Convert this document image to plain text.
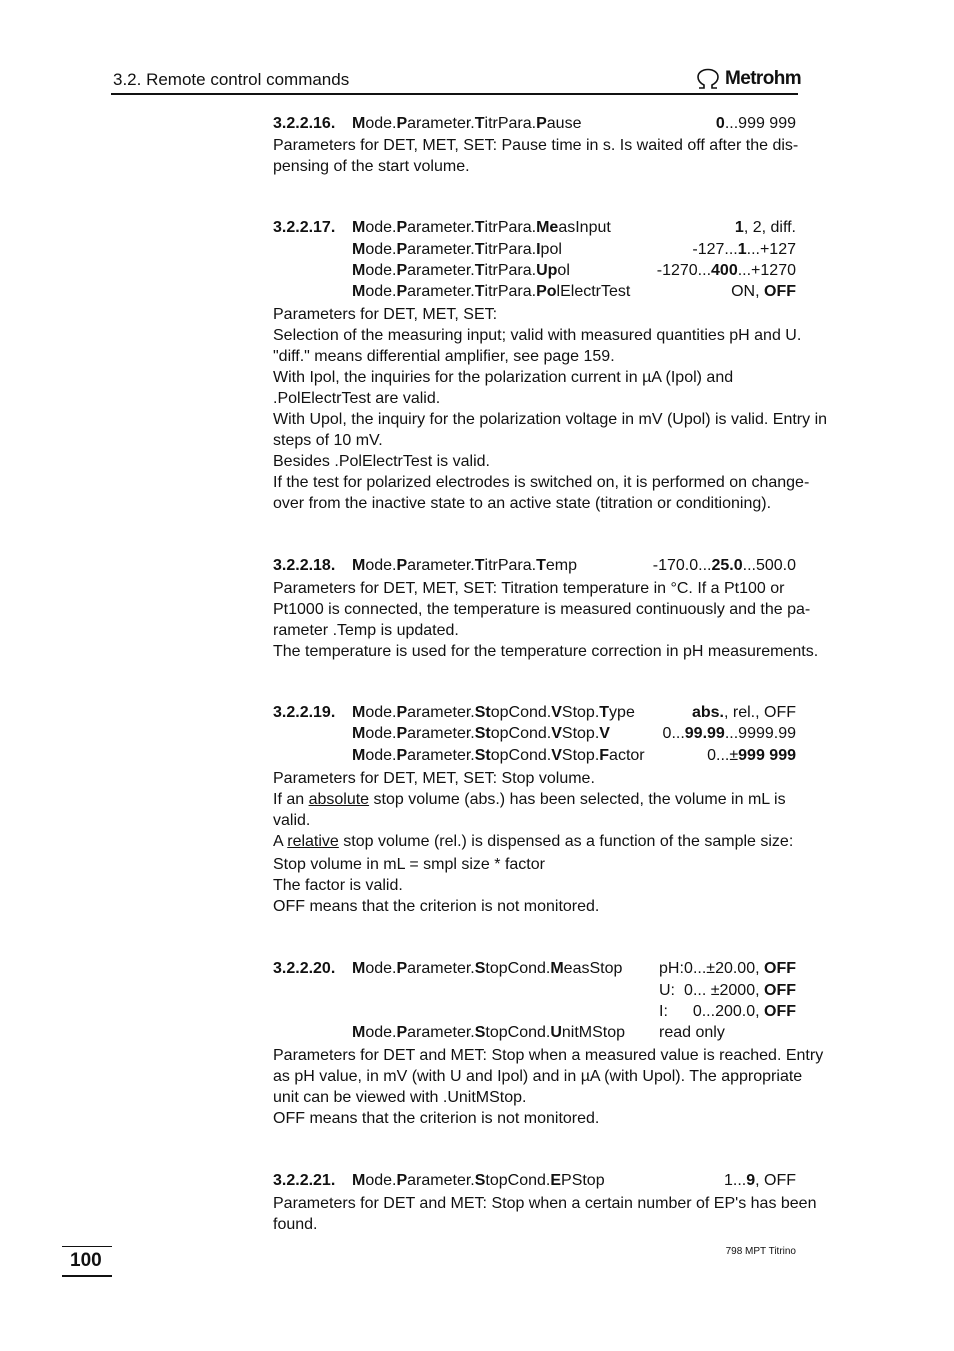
3.2. Remote control commands	Metrohm
3.2.2.16. Mode.Parameter.TitrPara.Pause	0...999 999
Parameters for DET, MET, SET: Pause time in s. Is waited off after the dis-
pensing of the start volume.
3.2.2.17. Mode.Parameter.TitrPara.MeasInput	1, 2, diff.
Mode.Parameter.TitrPara.Ipol	-127...1...+127
Mode.Parameter.TitrPara.Upol	-1270...400...+1270
Mode.Parameter.TitrPara.PolElectrTest	ON, OFF
Parameters for DET, MET, SET:
Selection of the measuring input; valid with measured quantities pH and U.
"diff." means differential amplifier, see page 159.
With Ipol, the inquiries for the polarization current in µA (Ipol) and
.PolElectrTest are valid.
With Upol, the inquiry for the polarization voltage in mV (Upol) is valid. Entry in
steps of 10 mV.
Besides .PolElectrTest is valid.
If the test for polarized electrodes is switched on, it is performed on change-
over from the inactive state to an active state (titration or conditioning).
3.2.2.18. Mode.Parameter.TitrPara.Temp	-170.0...25.0...500.0
Parameters for DET, MET, SET: Titration temperature in °C. If a Pt100 or
Pt1000 is connected, the temperature is measured continuously and the pa-
rameter .Temp is updated.
The temperature is used for the temperature correction in pH measurements.
3.2.2.19. Mode.Parameter.StopCond.VStop.Type	abs., rel., OFF
Mode.Parameter.StopCond.VStop.V	0...99.99...9999.99
Mode.Parameter.StopCond.VStop.Factor	0...±999 999
Parameters for DET, MET, SET: Stop volume.
If an absolute stop volume (abs.) has been selected, the volume in mL is
valid.
A relative stop volume (rel.) is dispensed as a function of the sample size:
Stop volume in mL = smpl size * factor
The factor is valid.
OFF means that the criterion is not monitored.
3.2.2.20. Mode.Parameter.StopCond.MeasStop pH: 0...±20.00, OFF
U: 0... ±2000, OFF
I: 0...200.0, OFF
Mode.Parameter.StopCond.UnitMStop read only
Parameters for DET and MET: Stop when a measured value is reached. Entry
as pH value, in mV (with U and Ipol) and in µA (with Upol). The appropriate
unit can be viewed with .UnitMStop.
OFF means that the criterion is not monitored.
3.2.2.21. Mode.Parameter.StopCond.EPStop	1...9, OFF
Parameters for DET and MET: Stop when a certain number of EP's has been
found.
100	798 MPT Titrino
